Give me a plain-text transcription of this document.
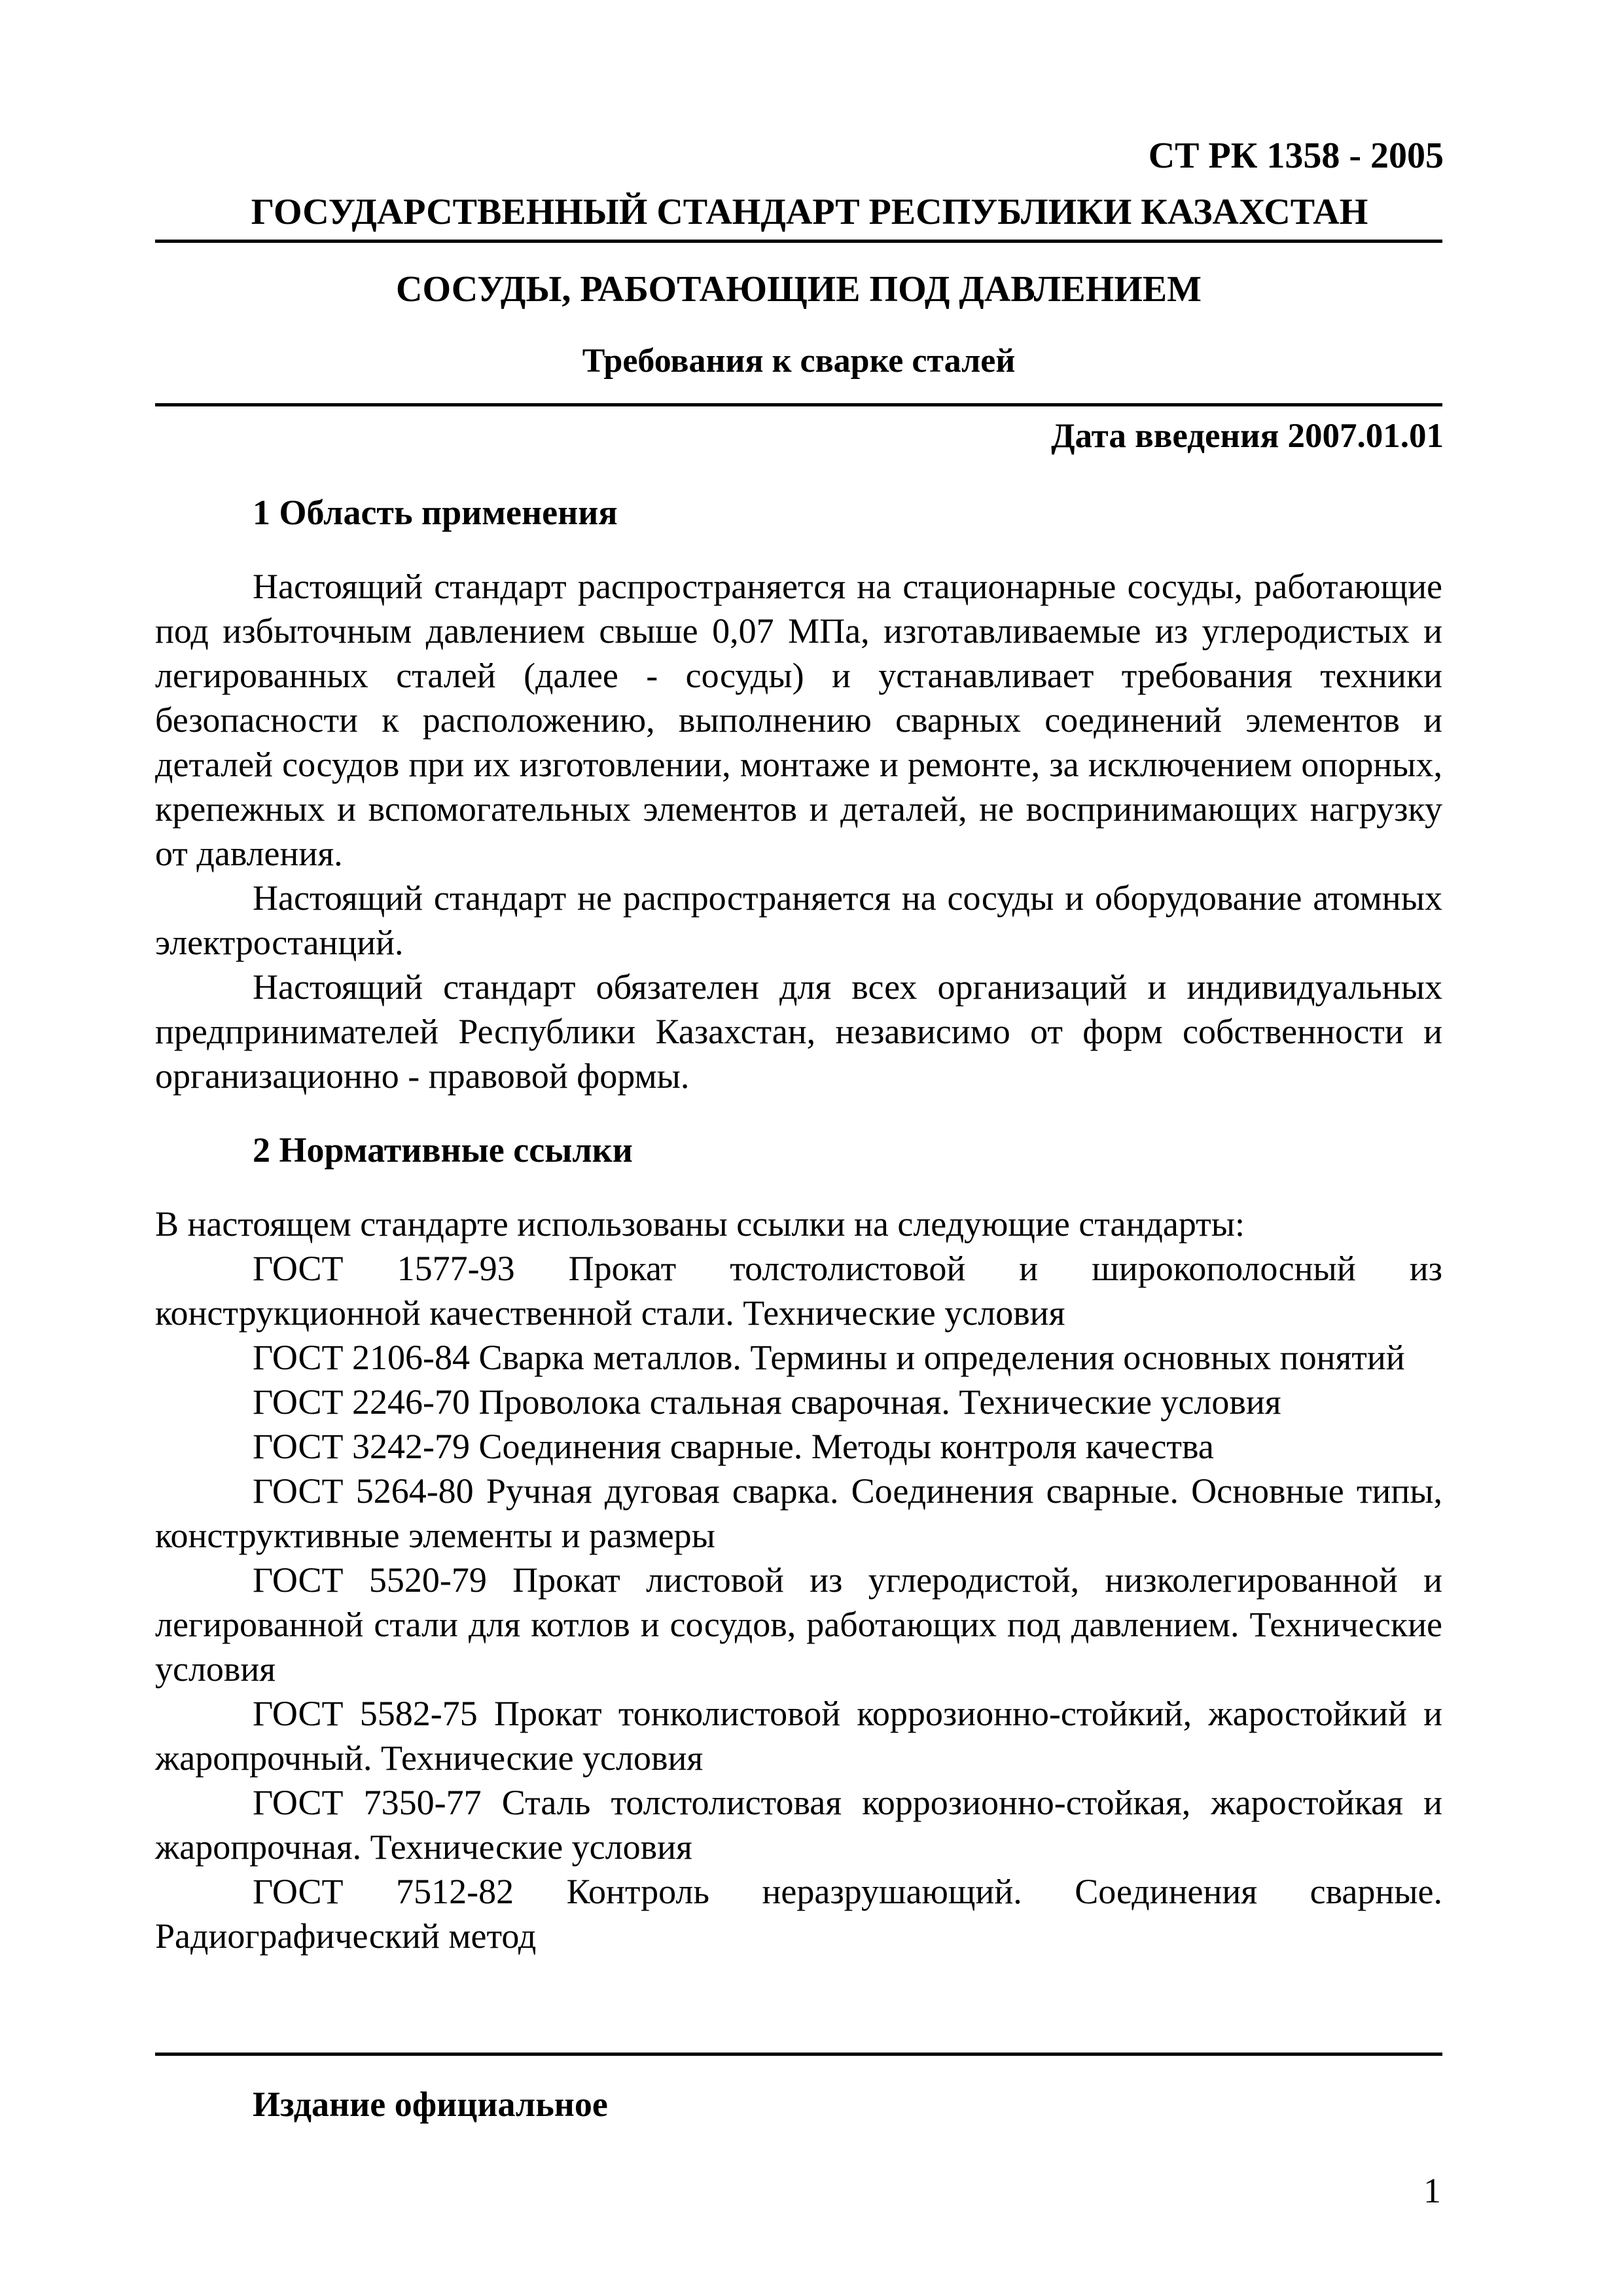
СТ РК 1358 - 2005
ГОСУДАРСТВЕННЫЙ СТАНДАРТ РЕСПУБЛИКИ КАЗАХСТАН
СОСУДЫ, РАБОТАЮЩИЕ ПОД ДАВЛЕНИЕМ
Требования к сварке сталей
Дата введения 2007.01.01
1 Область применения

Настоящий стандарт распространяется на стационарные сосуды, работающие под избыточным давлением свыше 0,07 МПа, изготавливаемые из углеродистых и легированных сталей (далее - сосуды) и устанавливает требования техники безопасности к расположению, выполнению сварных соединений элементов и деталей сосудов при их изготовлении, монтаже и ремонте, за исключением опорных, крепежных и вспомогательных элементов и деталей, не воспринимающих нагрузку от давления.

Настоящий стандарт не распространяется на сосуды и оборудование атомных электростанций.

Настоящий стандарт обязателен для всех организаций и индивидуальных предпринимателей Республики Казахстан, независимо от форм собственности и организационно - правовой формы.

2 Нормативные ссылки

В настоящем стандарте использованы ссылки на следующие стандарты:

ГОСТ 1577-93 Прокат толстолистовой и широкополосный из конструкционной качественной стали. Технические условия

ГОСТ 2106-84 Сварка металлов. Термины и определения основных понятий

ГОСТ 2246-70 Проволока стальная сварочная. Технические условия

ГОСТ 3242-79 Соединения сварные. Методы контроля качества

ГОСТ 5264-80 Ручная дуговая сварка. Соединения сварные. Основные типы, конструктивные элементы и размеры

ГОСТ 5520-79 Прокат листовой из углеродистой, низколегированной и легированной стали для котлов и сосудов, работающих под давлением. Технические условия

ГОСТ 5582-75 Прокат тонколистовой коррозионно-стойкий, жаростойкий и жаропрочный. Технические условия

ГОСТ 7350-77 Сталь толстолистовая коррозионно-стойкая, жаростойкая и жаропрочная. Технические условия

ГОСТ 7512-82 Контроль неразрушающий. Соединения сварные. Радиографический метод

Издание официальное
1
